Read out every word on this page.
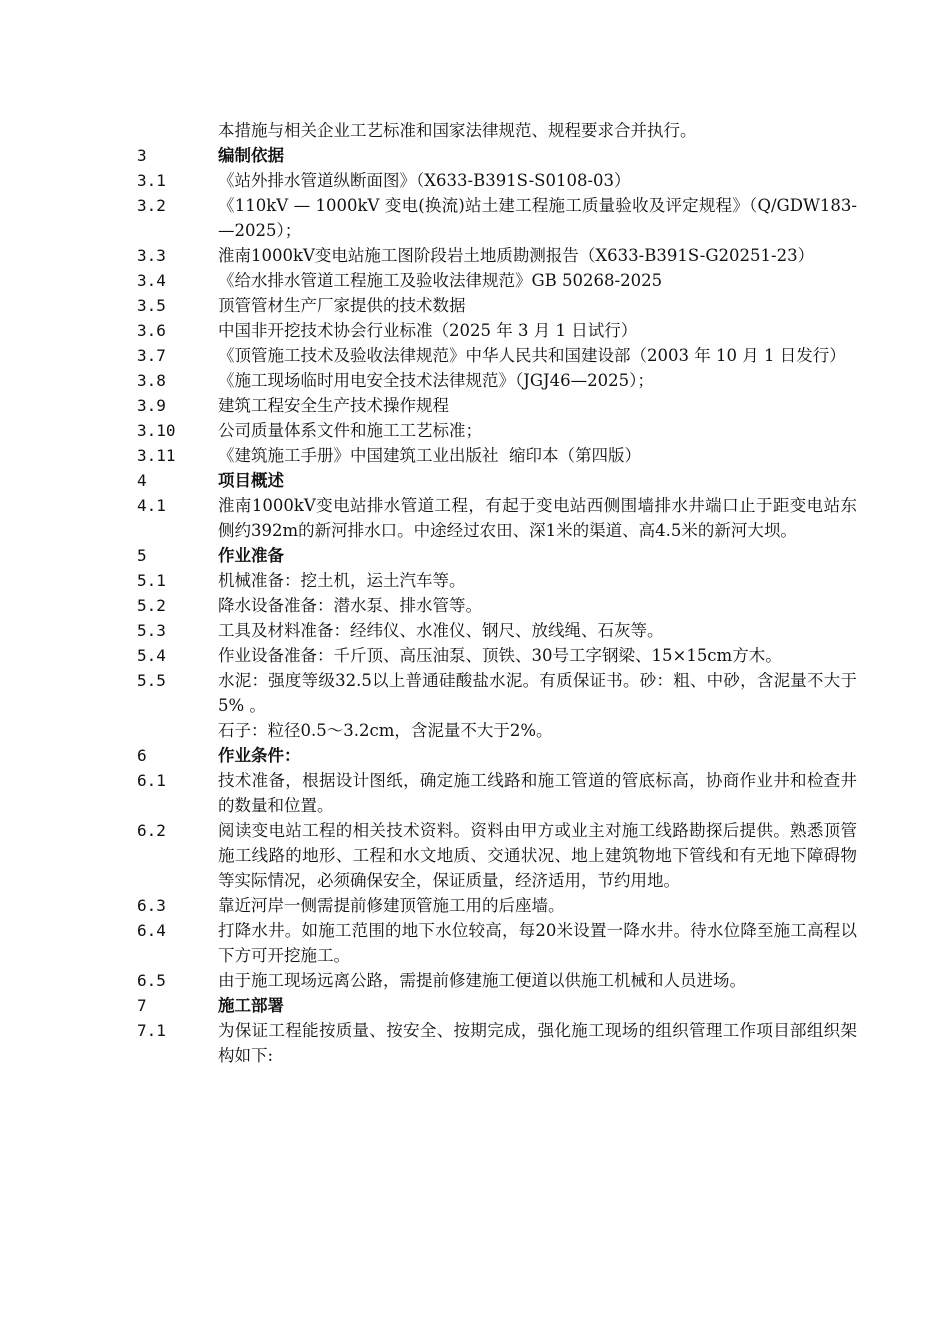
本措施与相关企业工艺标准和国家法律规范、规程要求合并执行。
3	编制依据
3.1	《站外排水管道纵断面图》（X633-B391S-S0108-03）
3.2	《110kV — 1000kV 变电(换流)站土建工程施工质量验收及评定规程》（Q/GDW183-—2025）；
3.3	淮南1000kV变电站施工图阶段岩土地质勘测报告（X633-B391S-G20251-23）
3.4	《给水排水管道工程施工及验收法律规范》GB 50268-2025
3.5	顶管管材生产厂家提供的技术数据
3.6	中国非开挖技术协会行业标准（2025 年 3 月 1 日试行）
3.7	《顶管施工技术及验收法律规范》中华人民共和国建设部（2003 年 10 月 1 日发行）
3.8	《施工现场临时用电安全技术法律规范》（JGJ46—2025）；
3.9	建筑工程安全生产技术操作规程
3.10	公司质量体系文件和施工工艺标准；
3.11	《建筑施工手册》中国建筑工业出版社  缩印本（第四版）
4	项目概述
4.1	淮南1000kV变电站排水管道工程，有起于变电站西侧围墙排水井端口止于距变电站东侧约392m的新河排水口。中途经过农田、深1米的渠道、高4.5米的新河大坝。
5	作业准备
5.1	机械准备：挖土机，运土汽车等。
5.2	降水设备准备：潜水泵、排水管等。
5.3	工具及材料准备：经纬仪、水准仪、钢尺、放线绳、石灰等。
5.4	作业设备准备：千斤顶、高压油泵、顶铁、30号工字钢梁、15×15cm方木。
5.5	水泥：强度等级32.5以上普通硅酸盐水泥。有质保证书。砂：粗、中砂，含泥量不大于5% 。
石子：粒径0.5～3.2cm，含泥量不大于2%。
6	作业条件：
6.1	技术准备，根据设计图纸，确定施工线路和施工管道的管底标高，协商作业井和检查井的数量和位置。
6.2	阅读变电站工程的相关技术资料。资料由甲方或业主对施工线路勘探后提供。熟悉顶管施工线路的地形、工程和水文地质、交通状况、地上建筑物地下管线和有无地下障碍物等实际情况，必须确保安全，保证质量，经济适用，节约用地。
6.3	靠近河岸一侧需提前修建顶管施工用的后座墙。
6.4	打降水井。如施工范围的地下水位较高，每20米设置一降水井。待水位降至施工高程以下方可开挖施工。
6.5	由于施工现场远离公路，需提前修建施工便道以供施工机械和人员进场。
7	施工部署
7.1	为保证工程能按质量、按安全、按期完成，强化施工现场的组织管理工作项目部组织架构如下:
